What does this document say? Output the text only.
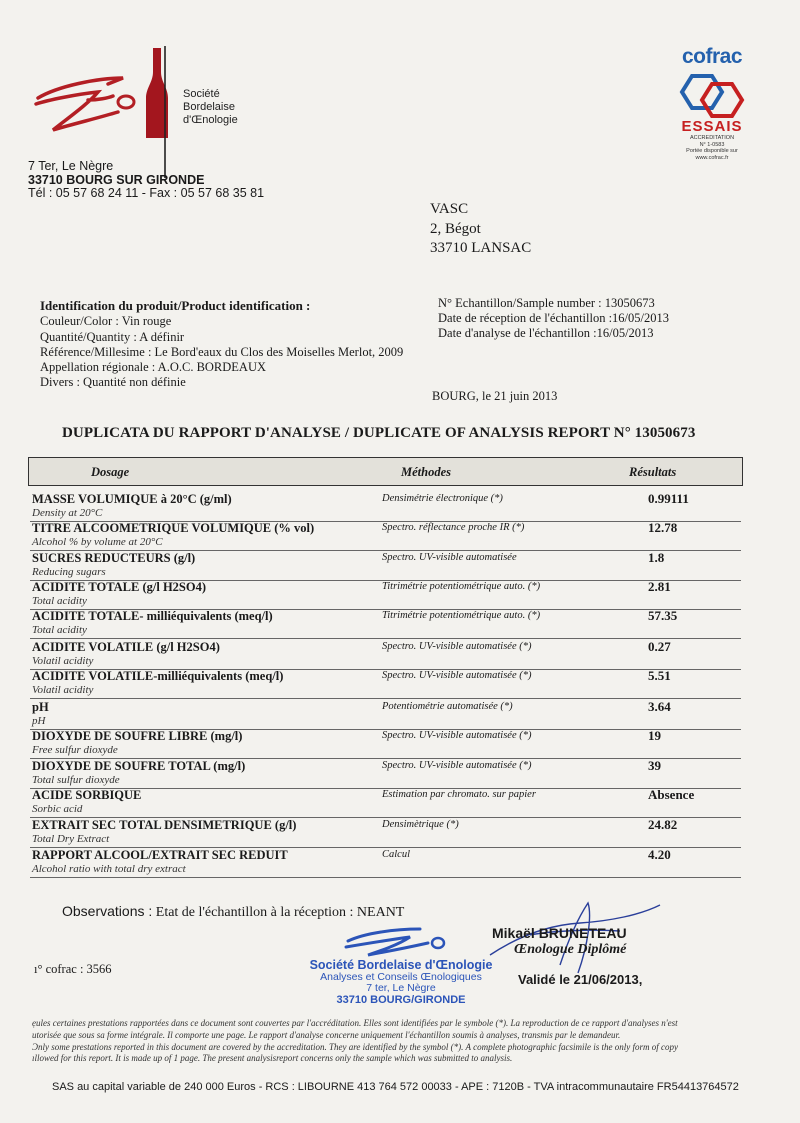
Société
Bordelaise
d'Œnologie
7 Ter, Le Nègre
33710 BOURG SUR GIRONDE
Tél : 05 57 68 24 11 - Fax : 05 57 68 35 81
cofrac
ESSAIS
ACCREDITATION
N° 1-0583
Portée disponible sur
www.cofrac.fr
VASC
2, Bégot
33710 LANSAC
Identification du produit/Product identification :
Couleur/Color : Vin rouge
Quantité/Quantity : A définir
Référence/Millesime : Le Bord'eaux du Clos des Moiselles Merlot, 2009
Appellation régionale : A.O.C. BORDEAUX
Divers : Quantité non définie
N° Echantillon/Sample number : 13050673
Date de réception de l'échantillon :16/05/2013
Date d'analyse de l'échantillon :16/05/2013
BOURG, le 21 juin 2013
DUPLICATA DU RAPPORT D'ANALYSE / DUPLICATE OF ANALYSIS REPORT N° 13050673
Dosage	Méthodes	Résultats
MASSE VOLUMIQUE à 20°C (g/ml)
Density at 20°C
Densimétrie électronique (*)	0.99111
TITRE ALCOOMETRIQUE VOLUMIQUE (% vol)
Alcohol % by volume at 20°C
Spectro. réflectance proche IR (*)	12.78
SUCRES REDUCTEURS (g/l)
Reducing sugars
Spectro. UV-visible automatisée	1.8
ACIDITE TOTALE (g/l H2SO4)
Total acidity
Titrimétrie potentiométrique auto. (*)	2.81
ACIDITE TOTALE- milliéquivalents (meq/l)
Total acidity
Titrimétrie potentiométrique auto. (*)	57.35
ACIDITE VOLATILE (g/l H2SO4)
Volatil acidity
Spectro. UV-visible automatisée (*)	0.27
ACIDITE VOLATILE-milliéquivalents (meq/l)
Volatil acidity
Spectro. UV-visible automatisée (*)	5.51
pH
pH
Potentiométrie automatisée (*)	3.64
DIOXYDE DE SOUFRE LIBRE (mg/l)
Free sulfur dioxyde
Spectro. UV-visible automatisée (*)	19
DIOXYDE DE SOUFRE TOTAL (mg/l)
Total sulfur dioxyde
Spectro. UV-visible automatisée (*)	39
ACIDE SORBIQUE
Sorbic acid
Estimation par chromato. sur papier	Absence
EXTRAIT SEC TOTAL DENSIMETRIQUE (g/l)
Total Dry Extract
Densimètrique (*)	24.82
RAPPORT ALCOOL/EXTRAIT SEC REDUIT
Alcohol ratio with total dry extract
Calcul	4.20
Observations : Etat de l'échantillon à la réception : NEANT
ı° cofrac : 3566	Société Bordelaise d'Œnologie
Analyses et Conseils Œnologiques
7 ter, Le Nègre
33710 BOURG/GIRONDE
Mikaël BRUNETEAU
Œnologue Diplômé
Validé le 21/06/2013,
ẹules certaines prestations rapportées dans ce document sont couvertes par l'accréditation. Elles sont identifiées par le symbole (*). La reproduction de ce rapport d'analyses n'est
utorisée que sous sa forme intégrale. Il comporte une page. Le rapport d'analyse concerne uniquement l'échantillon soumis à analyses, transmis par le demandeur.
Ͻnly some prestations reported in this document are covered by the accreditation. They are identified by the symbol (*). A complete photographic facsimile is the only form of copy
ıllowed for this report. It is made up of 1 page. The present analysisreport concerns only the sample which was submitted to analysis.
SAS au capital variable de 240 000 Euros - RCS : LIBOURNE 413 764 572 00033 - APE : 7120B - TVA intracommunautaire FR54413764572
